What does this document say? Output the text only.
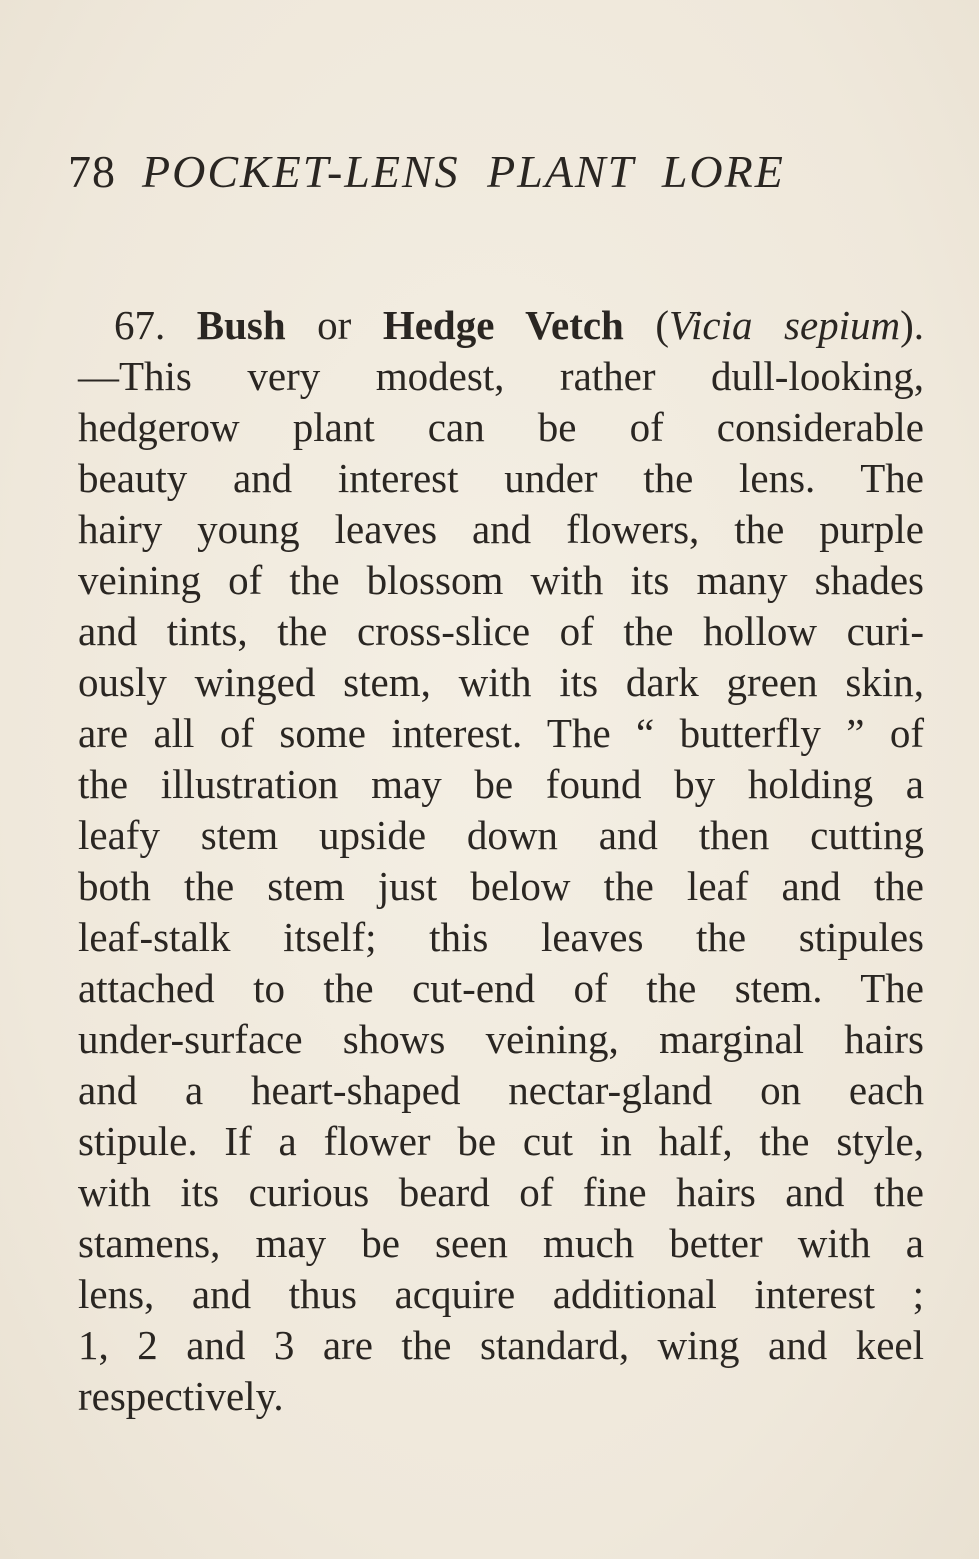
78 POCKET-LENS PLANT LORE
67. Bush or Hedge Vetch (Vicia sepium).
—This very modest, rather dull-looking,
hedgerow plant can be of considerable
beauty and interest under the lens. The
hairy young leaves and flowers, the purple
veining of the blossom with its many shades
and tints, the cross-slice of the hollow curi-
ously winged stem, with its dark green skin,
are all of some interest. The “ butterfly ” of
the illustration may be found by holding a
leafy stem upside down and then cutting
both the stem just below the leaf and the
leaf-stalk itself; this leaves the stipules
attached to the cut-end of the stem. The
under-surface shows veining, marginal hairs
and a heart-shaped nectar-gland on each
stipule. If a flower be cut in half, the style,
with its curious beard of fine hairs and the
stamens, may be seen much better with a
lens, and thus acquire additional interest ;
1, 2 and 3 are the standard, wing and keel
respectively.
